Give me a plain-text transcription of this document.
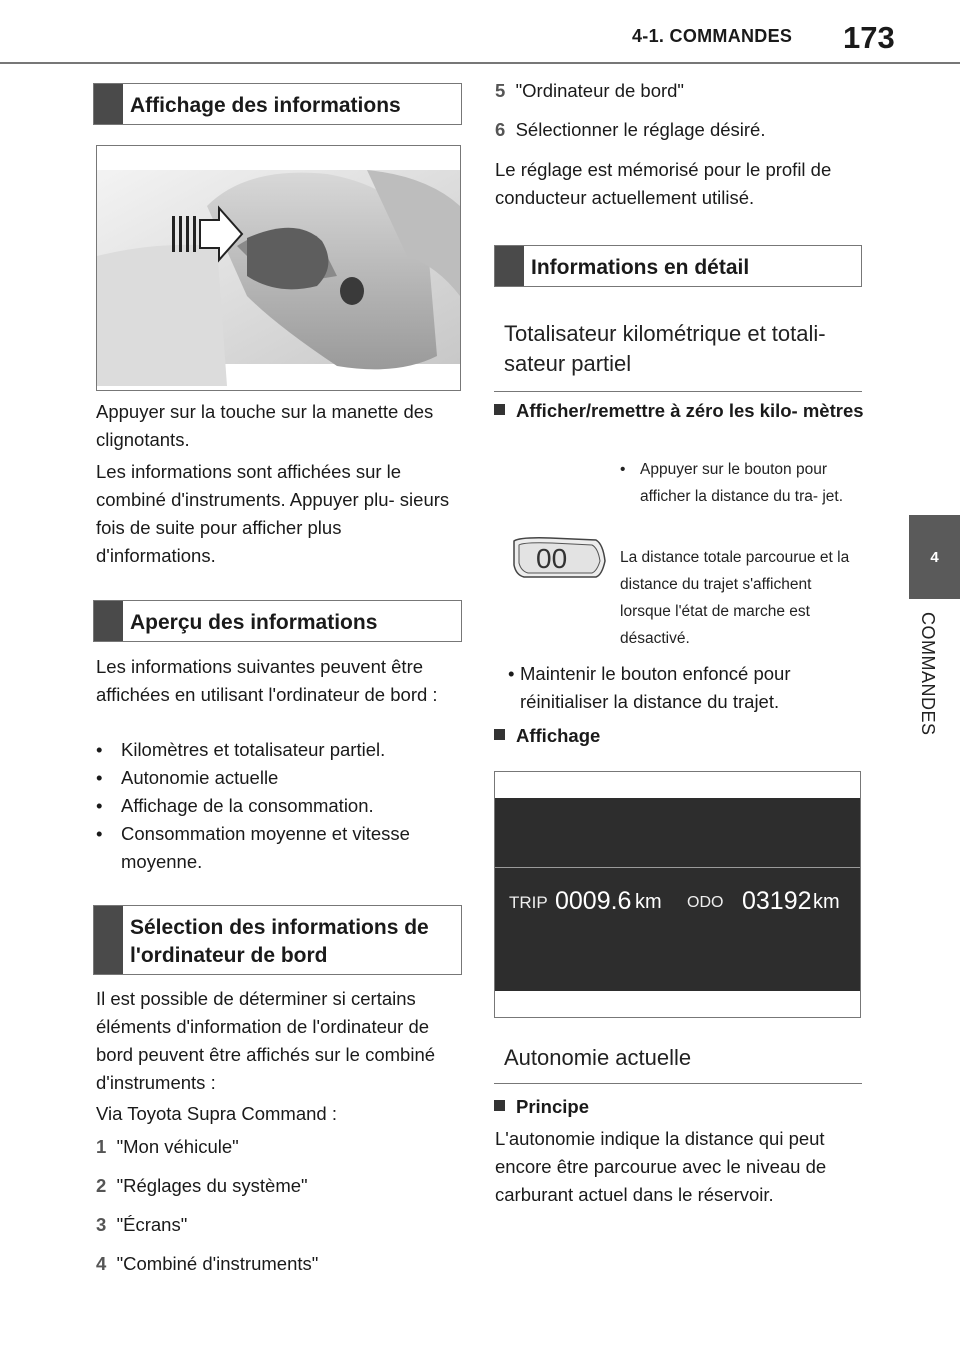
4-1. COMMANDES 173
4
COMMANDES
Affichage des informations
Appuyer sur la touche sur la manette des clignotants.
Les informations sont affichées sur le combiné d'instruments. Appuyer plu- sieurs fois de suite pour afficher plus d'informations.
Aperçu des informations
Les informations suivantes peuvent être affichées en utilisant l'ordinateur de bord :
• Kilomètres et totalisateur partiel.
• Autonomie actuelle
• Affichage de la consommation.
• Consommation moyenne et vitesse moyenne.
Sélection des informations de l'ordinateur de bord
Il est possible de déterminer si certains éléments d'information de l'ordinateur de bord peuvent être affichés sur le combiné d'instruments :
Via Toyota Supra Command :
1 "Mon véhicule"
2 "Réglages du système"
3 "Écrans"
4 "Combiné d'instruments"
5 "Ordinateur de bord"
6 Sélectionner le réglage désiré.
Le réglage est mémorisé pour le profil de conducteur actuellement utilisé.
Informations en détail
Totalisateur kilométrique et totali- sateur partiel
Afficher/remettre à zéro les kilo- mètres
00
• Appuyer sur le bouton pour afficher la distance du tra- jet.
La distance totale parcourue et la distance du trajet s'affichent lorsque l'état de marche est désactivé.
• Maintenir le bouton enfoncé pour réinitialiser la distance du trajet.
Affichage
TRIP 0009.6 km ODO 03192 km
Autonomie actuelle
Principe
L'autonomie indique la distance qui peut encore être parcourue avec le niveau de carburant actuel dans le réservoir.
